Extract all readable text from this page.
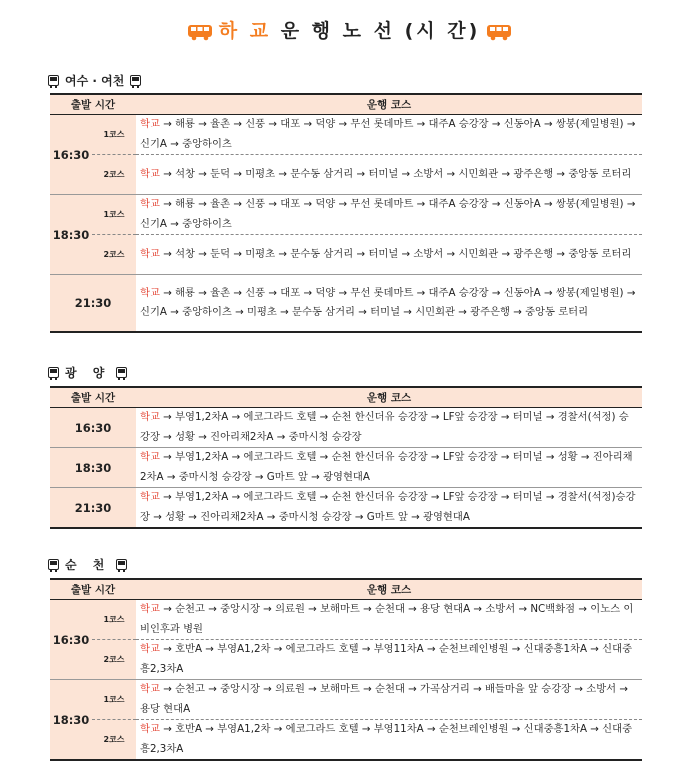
하 교 운 행 노 선 (시 간)
여수 · 여천
출발 시간		운행 코스
16:30	1코스	학교 → 해룡 → 율촌 → 신풍 → 대포 → 덕양 → 무선 롯데마트 → 대주A 승강장 → 신동아A → 쌍봉(제일병원) → 신기A → 중앙하이츠
	2코스	학교 → 석창 → 둔덕 → 미평초 → 문수동 삼거리 → 터미널 → 소방서 → 시민회관 → 광주은행 → 중앙동 로터리
18:30	1코스	학교 → 해룡 → 율촌 → 신풍 → 대포 → 덕양 → 무선 롯데마트 → 대주A 승강장 → 신동아A → 쌍봉(제일병원) → 신기A → 중앙하이츠
	2코스	학교 → 석창 → 둔덕 → 미평초 → 문수동 삼거리 → 터미널 → 소방서 → 시민회관 → 광주은행 → 중앙동 로터리
21:30		학교 → 해룡 → 율촌 → 신풍 → 대포 → 덕양 → 무선 롯데마트 → 대주A 승강장 → 신동아A → 쌍봉(제일병원) → 신기A → 중앙하이츠 → 미평초 → 문수동 삼거리 → 터미널 → 시민회관 → 광주은행 → 중앙동 로터리
광 양
출발 시간	운행 코스
16:30	학교 → 부영1,2차A → 에코그라드 호텔 → 순천 한신더유 승강장 → LF앞 승강장 → 터미널 → 경찰서(석정) 승강장 → 성황 → 진아리채2차A → 중마시청 승강장
18:30	학교 → 부영1,2차A → 에코그라드 호텔 → 순천 한신더유 승강장 → LF앞 승강장 → 터미널 → 성황 → 진아리채2차A → 중마시청 승강장 → G마트 앞 → 광영현대A
21:30	학교 → 부영1,2차A → 에코그라드 호텔 → 순천 한신더유 승강장 → LF앞 승강장 → 터미널 → 경찰서(석정)승강장 → 성황 → 진아리채2차A → 중마시청 승강장 → G마트 앞 → 광영현대A
순 천
출발 시간		운행 코스
16:30	1코스	학교 → 순천고 → 중앙시장 → 의료원 → 보해마트 → 순천대 → 용당 현대A → 소방서 → NC백화점 → 이노스 이비인후과 병원
	2코스	학교 → 호반A → 부영A1,2차 → 에코그라드 호텔 → 부영11차A → 순천브레인병원 → 신대중흥1차A → 신대중흥2,3차A
18:30	1코스	학교 → 순천고 → 중앙시장 → 의료원 → 보해마트 → 순천대 → 가곡삼거리 → 배들마을 앞 승강장 → 소방서 → 용당 현대A
	2코스	학교 → 호반A → 부영A1,2차 → 에코그라드 호텔 → 부영11차A → 순천브레인병원 → 신대중흥1차A → 신대중흥2,3차A
